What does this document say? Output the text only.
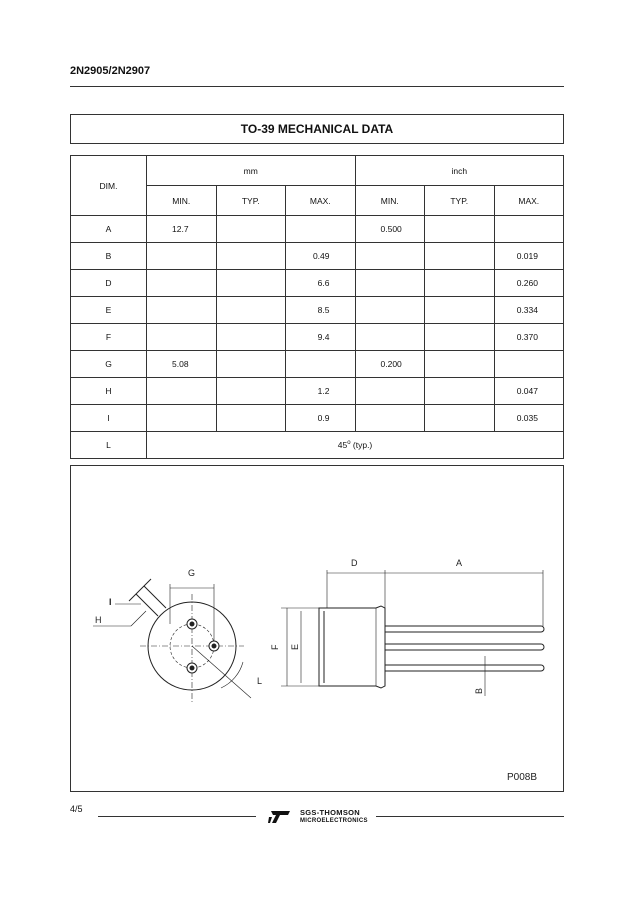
2N2905/2N2907
TO-39 MECHANICAL DATA
DIM.	mm			inch		
	MIN.	TYP.	MAX.	MIN.	TYP.	MAX.
A	12.7			0.500		
B			0.49			0.019
D			6.6			0.260
E			8.5			0.334
F			9.4			0.370
G	5.08			0.200		
H			1.2			0.047
I			0.9			0.035
L	45$^o$ (typ.)					
G
I
H
L
D	A
F E
B
P008B
4/5	SGS-THOMSON
MICROELECTRONICS
